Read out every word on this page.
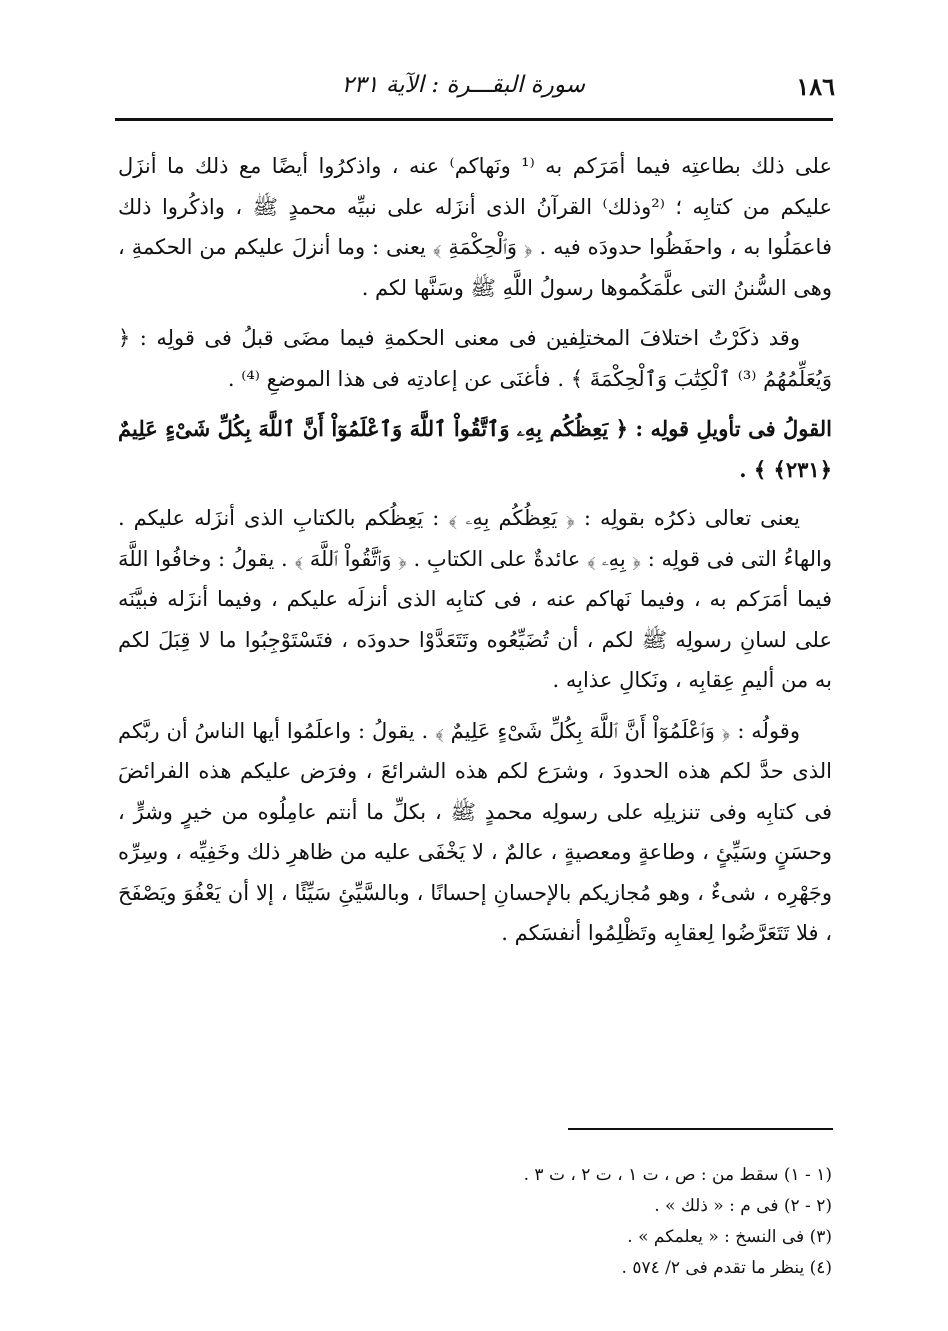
١٨٦
سورة البقـــرة : الآية ٢٣١

على ذلك بطاعتِه فيما أمَرَكم به ⁽¹ ونَهاكم⁾ عنه ، واذكرُوا أيضًا مع ذلك ما أنزَل عليكم من كتابِه ؛ ⁽²وذلك⁾ القرآنُ الذى أنزَله على نبيِّه محمدٍ ﷺ ، واذكُروا ذلك فاعمَلُوا به ، واحفَظُوا حدودَه فيه . ﴿ وَٱلْحِكْمَةِ ﴾ يعنى : وما أنزلَ عليكم من الحكمةِ ، وهى السُّننُ التى علَّمَكُموها رسولُ اللَّهِ ﷺ وسَنَّها لكم .

وقد ذكَرْتُ اختلافَ المختلِفين فى معنى الحكمةِ فيما مضَى قبلُ فى قولِه : ﴿ وَيُعَلِّمُهُمُ ⁽³⁾ ٱلْكِتَٰبَ وَٱلْحِكْمَةَ ﴾ . فأغنَى عن إعادتِه فى هذا الموضعِ ⁽⁴⁾ .

القولُ فى تأويلِ قولِه : ﴿ يَعِظُكُم بِهِۦ وَٱتَّقُواْ ٱللَّهَ وَٱعْلَمُوٓاْ أَنَّ ٱللَّهَ بِكُلِّ شَىْءٍ عَلِيمٌ ﴿٢٣١﴾ ﴾ .

يعنى تعالى ذكرُه بقولِه : ﴿ يَعِظُكُم بِهِۦ ﴾ : يَعِظُكم بالكتابِ الذى أنزَله عليكم . والهاءُ التى فى قولِه : ﴿ بِهِۦ ﴾ عائدةٌ على الكتابِ . ﴿ وَٱتَّقُواْ ٱللَّهَ ﴾ . يقولُ : وخافُوا اللَّهَ فيما أمَرَكم به ، وفيما نَهاكم عنه ، فى كتابِه الذى أنزلَه عليكم ، وفيما أنزَله فبيَّنَه على لسانِ رسولِه ﷺ لكم ، أن تُضَيِّعُوه وتَتَعَدَّوْا حدودَه ، فتَسْتَوْجِبُوا ما لا قِبَلَ لكم به من أليمِ عِقابِه ، ونَكالِ عذابِه .

وقولُه : ﴿ وَٱعْلَمُوٓاْ أَنَّ ٱللَّهَ بِكُلِّ شَىْءٍ عَلِيمٌ ﴾ . يقولُ : واعلَمُوا أيها الناسُ أن ربَّكم الذى حدَّ لكم هذه الحدودَ ، وشرَع لكم هذه الشرائعَ ، وفرَض عليكم هذه الفرائضَ فى كتابِه وفى تنزيلِه على رسولِه محمدٍ ﷺ ، بكلِّ ما أنتم عامِلُوه من خيرٍ وشرٍّ ، وحسَنٍ وسَيِّئٍ ، وطاعةٍ ومعصيةٍ ، عالمٌ ، لا يَخْفَى عليه من ظاهرِ ذلك وخَفِيِّه ، وسِرِّه وجَهْرِه ، شىءٌ ، وهو مُجازيكم بالإحسانِ إحسانًا ، وبالسَّيِّئِ سَيِّئًا ، إلا أن يَعْفُوَ ويَصْفَحَ ، فلا تَتَعَرَّضُوا لِعقابِه وتَظْلِمُوا أنفسَكم .

(١ - ١) سقط من : ص ، ت ١ ، ت ٢ ، ت ٣ .

(٢ - ٢) فى م : « ذلك » .

(٣) فى النسخ : « يعلمكم » .

(٤) ينظر ما تقدم فى ٢/ ٥٧٤ .
